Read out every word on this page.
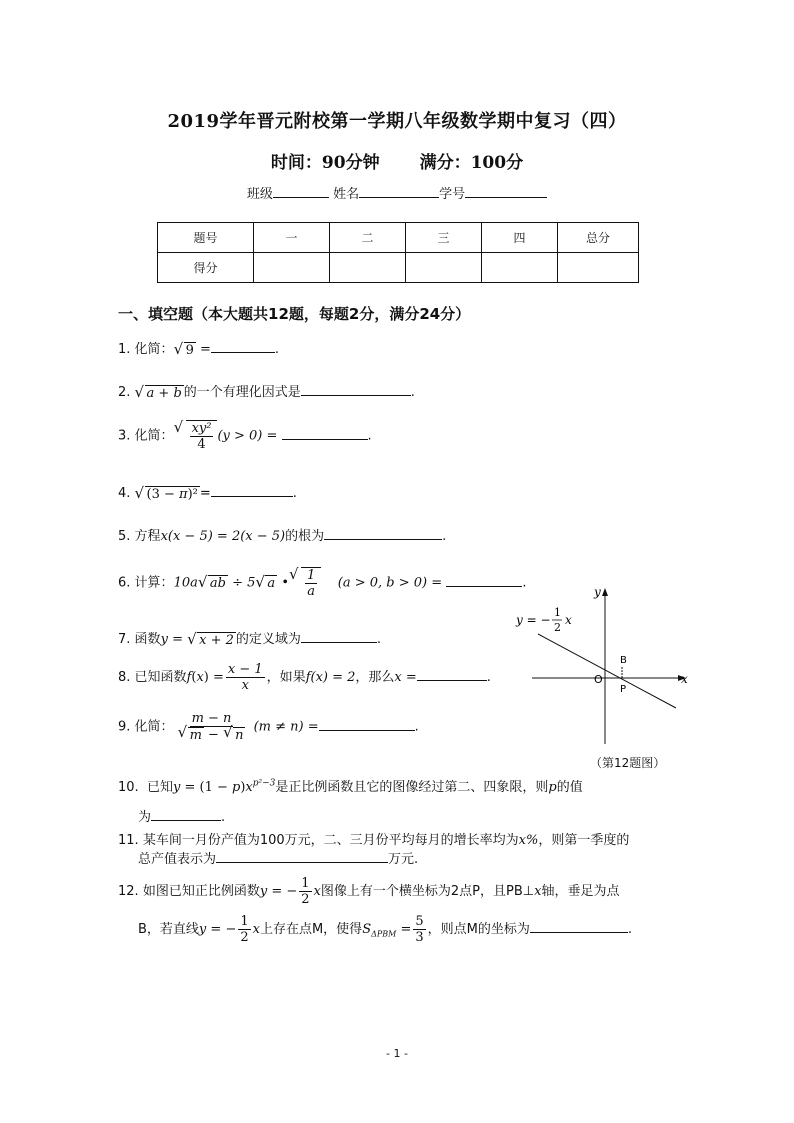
2019学年晋元附校第一学期八年级数学期中复习（四）
时间：90分钟 满分：100分
班级	姓名	学号
题号	一	二	三	四	总分
得分					
一、填空题（本大题共12题，每题2分，满分24分）
1. 化简： √ 9 =	.
2. √ a + b 的一个有理化因式是	.
3. 化简： √ $\frac{\text{xy²}}{4} (y > 0)$ =	.
4. √ (3 − π)² =	.
5. 方程x(x − 5) = 2(x − 5)的根为	.
6. 计算：10a √ ab ÷ 5 √ a • √ $\frac{1}{a} (a > 0$, b > 0) =	.
7. 函数y = √ x + 2 的定义域为	.
8. 已知函数$f(x) = \frac{x - 1}{x}$ ，如果f(x) = 2，那么x =	.
9. 化简： m − n
√ m − √ n (m ≠ n) =	.
10. 已知$y = (1 - p)x^{p^2-3}$是正比例函数且它的图像经过第二、四象限，则p的值
为	.
11. 某车间一月份产值为100万元，二、三月份平均每月的增长率均为x%，则第一季度的
总产值表示为	万元.
12. 如图已知正比例函数y = − $\frac{1}{2}$ x图像上有一个横坐标为2点P，且PB⊥x轴，垂足为点
B，若直线y = − $\frac{1}{2}$ x上存在点M，使得$S_{\Delta PBM} = \frac{5}{3}$ ，则点M的坐标为	.
y
x
O
B
P
y = −
1
2
x
（第12题图）
- 1 -
